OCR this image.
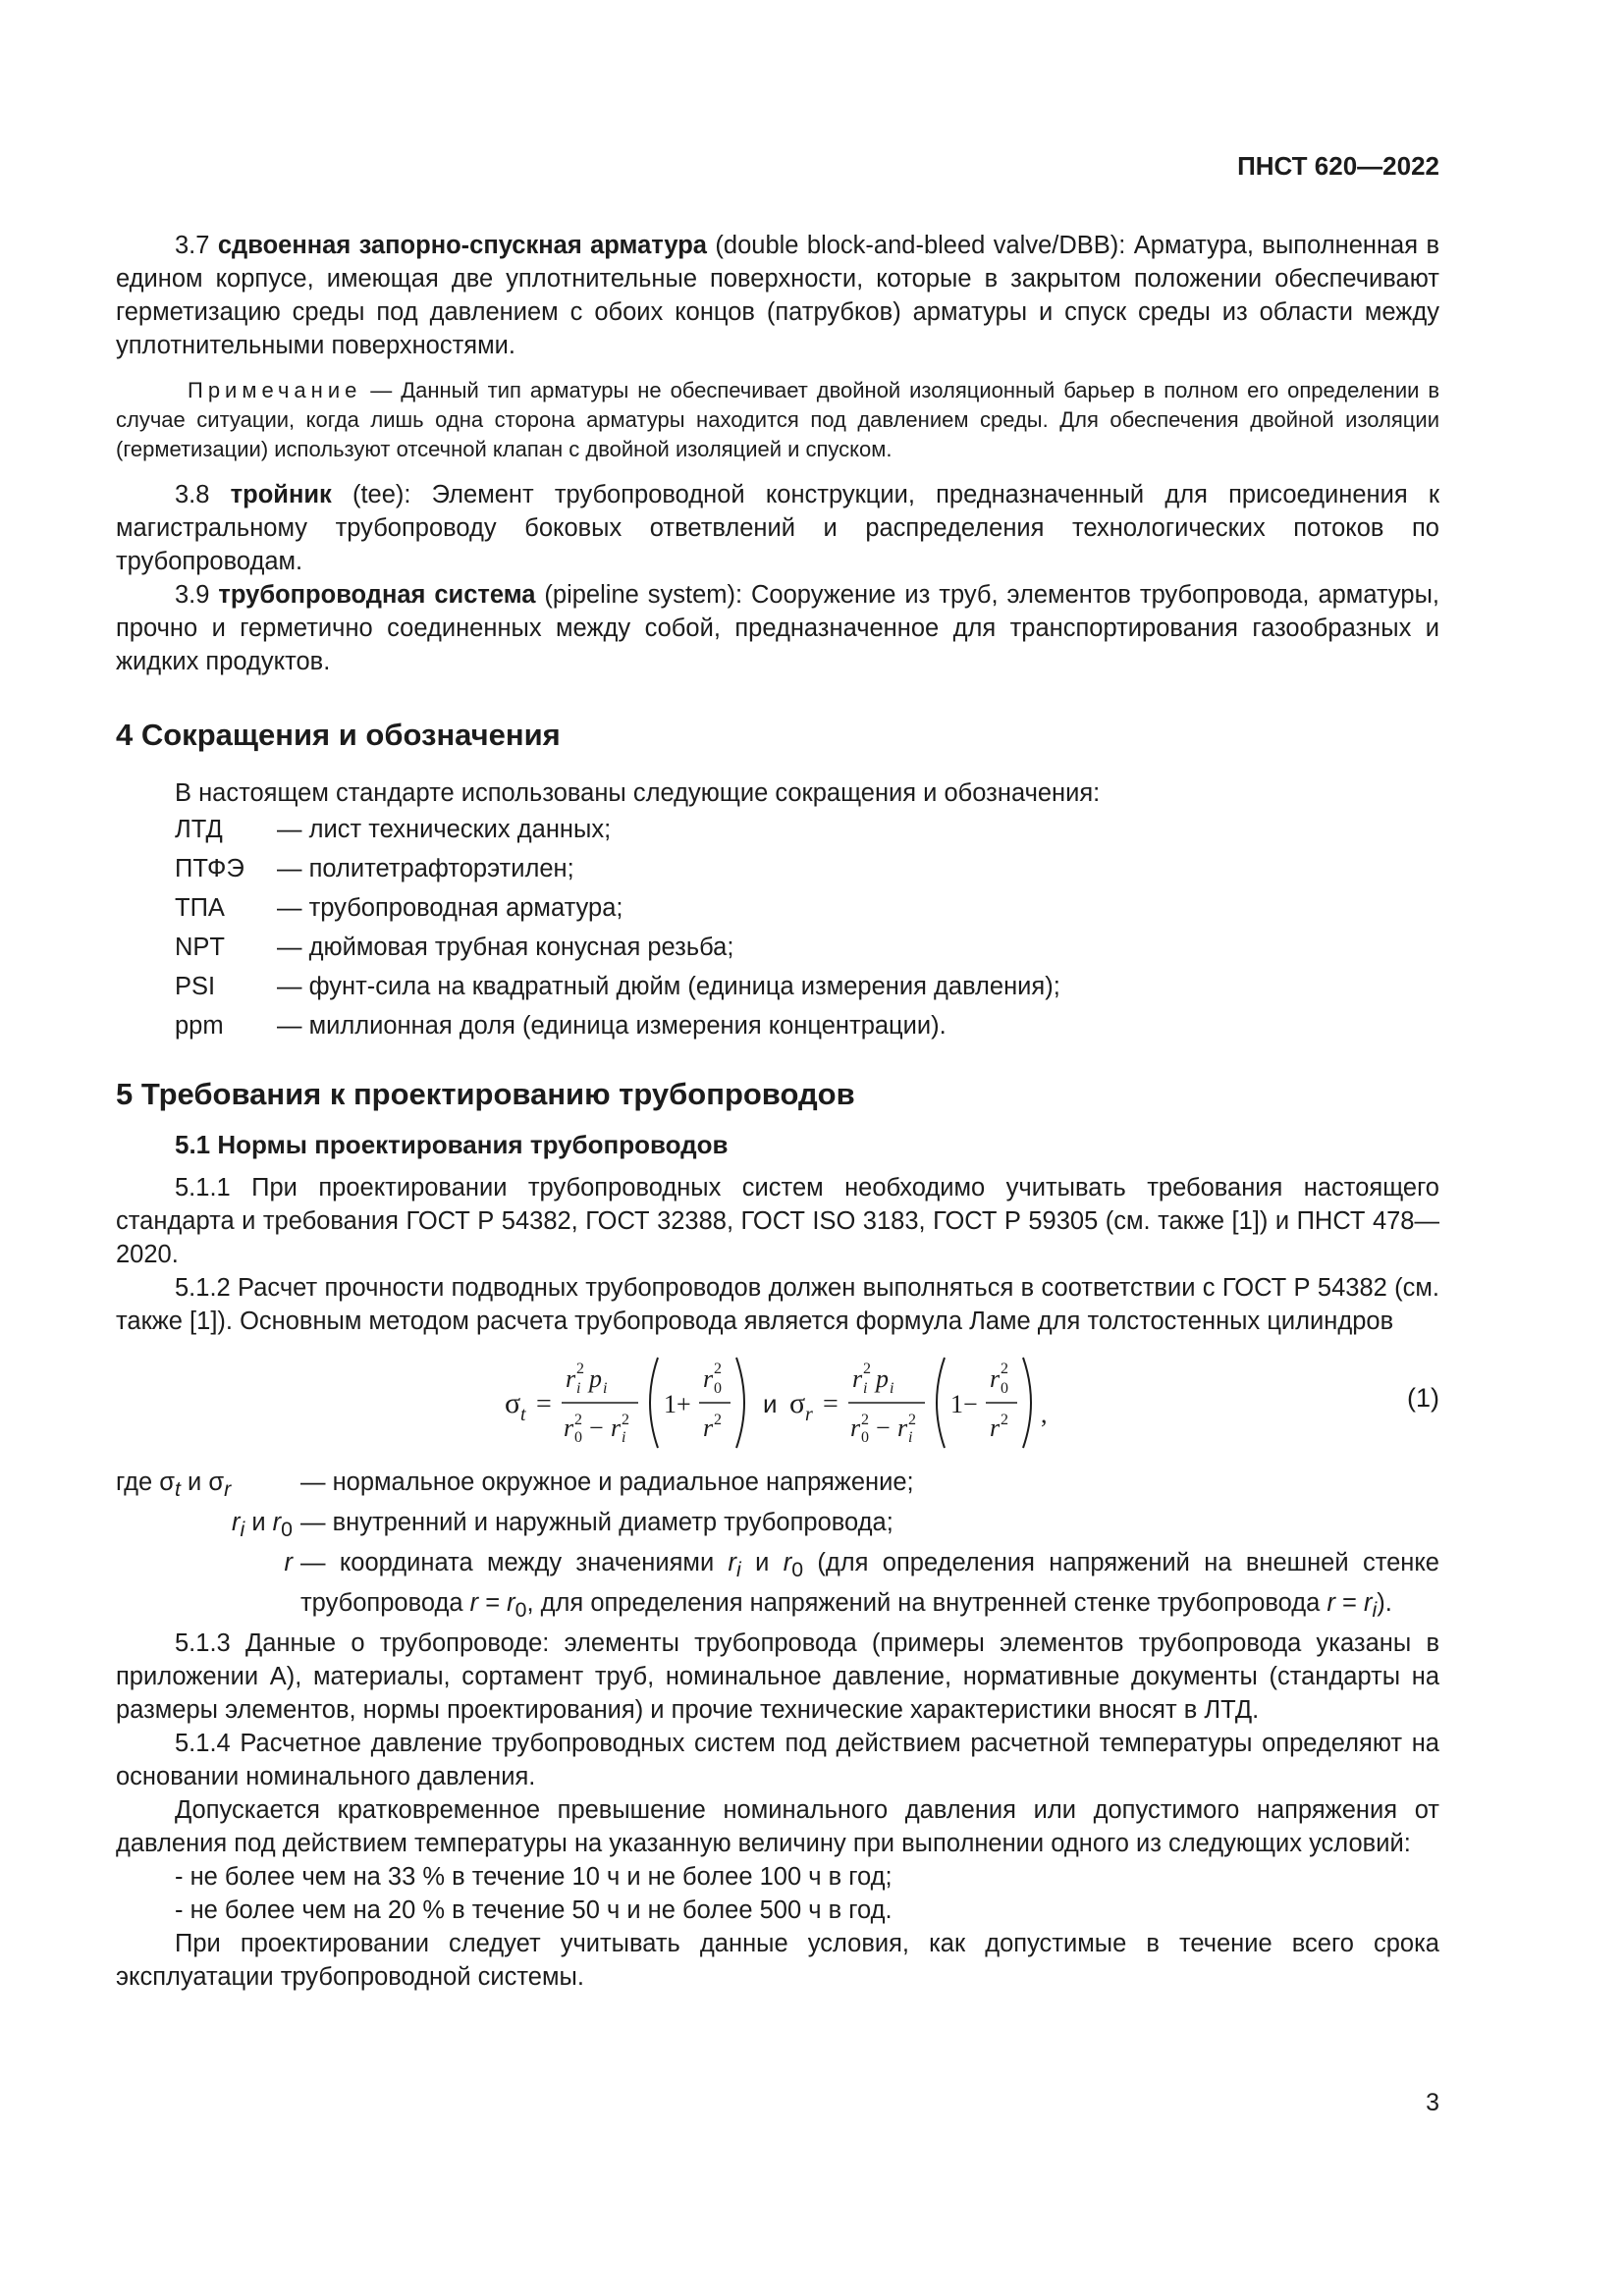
ПНСТ 620—2022

3.7 сдвоенная запорно-спускная арматура (double block-and-bleed valve/DBB): Арматура, выполненная в едином корпусе, имеющая две уплотнительные поверхности, которые в закрытом положении обеспечивают герметизацию среды под давлением с обоих концов (патрубков) арматуры и спуск среды из области между уплотнительными поверхностями.

Примечание — Данный тип арматуры не обеспечивает двойной изоляционный барьер в полном его определении в случае ситуации, когда лишь одна сторона арматуры находится под давлением среды. Для обеспечения двойной изоляции (герметизации) используют отсечной клапан с двойной изоляцией и спуском.

3.8 тройник (tee): Элемент трубопроводной конструкции, предназначенный для присоединения к магистральному трубопроводу боковых ответвлений и распределения технологических потоков по трубопроводам.

3.9 трубопроводная система (pipeline system): Сооружение из труб, элементов трубопровода, арматуры, прочно и герметично соединенных между собой, предназначенное для транспортирования газообразных и жидких продуктов.

4 Сокращения и обозначения

В настоящем стандарте использованы следующие сокращения и обозначения:

ЛТД	— лист технических данных;
ПТФЭ	— политетрафторэтилен;
ТПА	— трубопроводная арматура;
NPT	— дюймовая трубная конусная резьба;
PSI	— фунт-сила на квадратный дюйм (единица измерения давления);
ppm	— миллионная доля (единица измерения концентрации).
5 Требования к проектированию трубопроводов
5.1 Нормы проектирования трубопроводов

5.1.1 При проектировании трубопроводных систем необходимо учитывать требования настоящего стандарта и требования ГОСТ Р 54382, ГОСТ 32388, ГОСТ ISO 3183, ГОСТ Р 59305 (см. также [1]) и ПНСТ 478—2020.

5.1.2 Расчет прочности подводных трубопроводов должен выполняться в соответствии с ГОСТ Р 54382 (см. также [1]). Основным методом расчета трубопровода является формула Ламе для толстостенных цилиндров

σ t =
r i
2 p i
r 0
2 − r i
2
1+
r 0
2
r 2
и σ r =
r i
2 p i
r 0
2 − r i
2
1−
r 0
2
r 2 ,
(1)
где $\sigma_t$ и $\sigma_r$	— нормальное окружное и радиальное напряжение;
$r_i$ и $r_0$ — внутренний и наружный диаметр трубопровода;
r — координата между значениями $r_i$ и $r_0$ (для определения напряжений на внешней стенке трубопровода $r = r_0$, для определения напряжений на внутренней стенке трубопровода $r = r_i$).

5.1.3 Данные о трубопроводе: элементы трубопровода (примеры элементов трубопровода указаны в приложении А), материалы, сортамент труб, номинальное давление, нормативные документы (стандарты на размеры элементов, нормы проектирования) и прочие технические характеристики вносят в ЛТД.

5.1.4 Расчетное давление трубопроводных систем под действием расчетной температуры определяют на основании номинального давления.

Допускается кратковременное превышение номинального давления или допустимого напряжения от давления под действием температуры на указанную величину при выполнении одного из следующих условий:

- не более чем на 33 % в течение 10 ч и не более 100 ч в год;

- не более чем на 20 % в течение 50 ч и не более 500 ч в год.

При проектировании следует учитывать данные условия, как допустимые в течение всего срока эксплуатации трубопроводной системы.

3
